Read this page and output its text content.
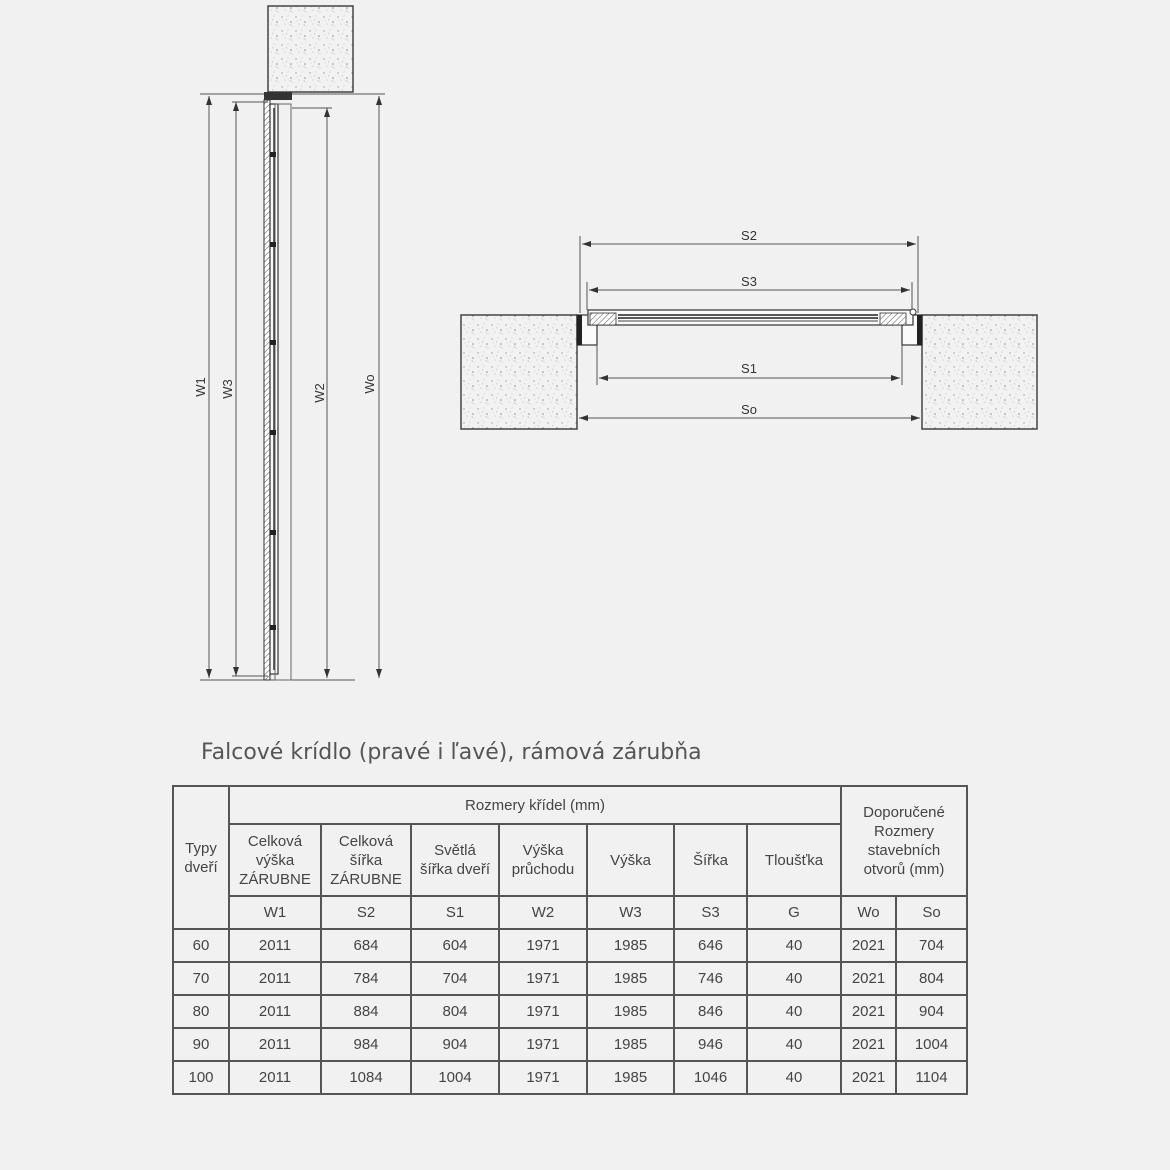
W1 W3	W2	Wo
S2
S3
S1
So
Falcové krídlo (pravé i ľavé), rámová zárubňa
Typy dveří	Rozmery křídel (mm)							Doporučené Rozmery stavebních otvorů (mm)	
	Celková výška ZÁRUBNE	Celková šířka ZÁRUBNE	Světlá šířka dveří	Výška průchodu	Výška	Šířka	Tloušťka		
	W1	S2	S1	W2	W3	S3	G	Wo	So
60	2011	684	604	1971	1985	646	40	2021	704
70	2011	784	704	1971	1985	746	40	2021	804
80	2011	884	804	1971	1985	846	40	2021	904
90	2011	984	904	1971	1985	946	40	2021	1004
100	2011	1084	1004	1971	1985	1046	40	2021	1104
